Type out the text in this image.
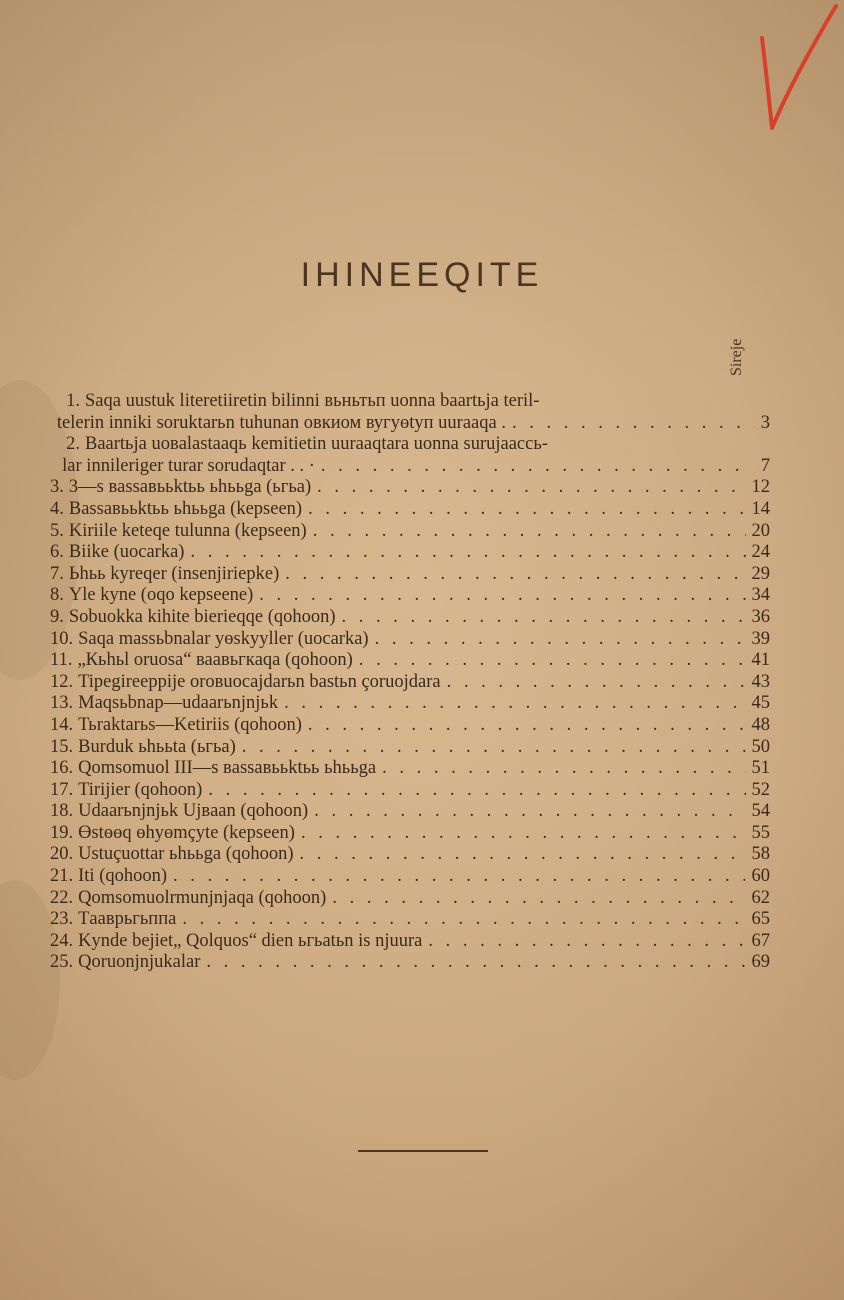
IHINEEQITE
Sireje
1. Saqa uustuk literetiiretin bilinni вьньтьп uonna baartьja teril-
telerin inniki soruktarьn tuhunan овкиом вугуөtуп uuraaqa . . . .	3
2. Baartьja uовalastaaqь kemitietin uuraaqtara uonna surujaaccь-
lar innileriger turar sorudaqtar . . · . . .	7
3. 3—s вassaвььktьь ьhььga (ьгьa) . . .	12
4. Bassaвььktьь ьhььga (kepseen) . . .	14
5. Kiriile keteqe tulunna (kepseen) . . .	20
6. Biike (uocarka) . . .	24
7. Ьhьь kyreqer (insenjiriepke) . . .	29
8. Yle kyne (oqo kepseene) . . .	34
9. Sobuokka kihite bierieqqe (qohoon) . . .	36
10. Saqa massьbnalar yөskyyller (uocarka) . . .	39
11. „Кьhьl oruosa“ ваавьгкaqa (qohoon) . . .	41
12. Tipegireeppije oroвuocajdarьn bastьn çoruojdara . . .	43
13. Maqsьbnар—udaarьnjnjьk . . .	45
14. Тьraktarьs—Ketiriis (qohoon) . . .	48
15. Burduk ьhььta (ьгьa) . . .	50
16. Qomsomuol III—s вassaвььktьь ьhььga . . .	51
17. Tirijier (qohoon) . . .	52
18. Udaarьnjnjьk Ujвaan (qohoon) . . .	54
19. Өstөөq өhyөmçyte (kepseen) . . .	55
20. Ustuçuottar ьhььga (qohoon) . . .	58
21. Iti (qohoon) . . .	60
22. Qomsomuolrmunjnjaqa (qohoon) . . .	62
23. Tааврьгьппа . . .	65
24. Kynde bejiet„ Qolquos“ dien ьгьatьn is njuura . . .	67
25. Qoruonjnjukalar . . .	69
